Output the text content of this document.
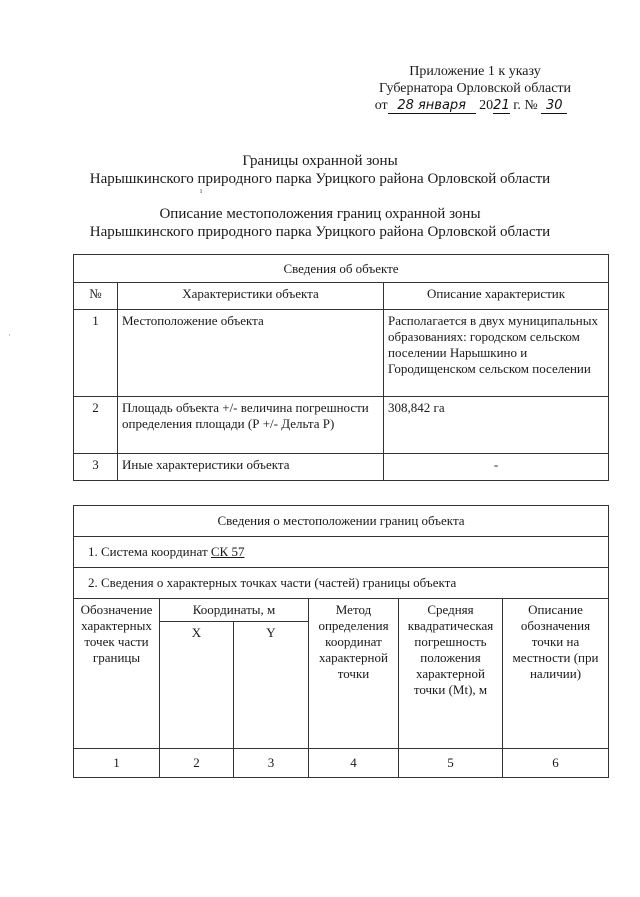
Приложение 1 к указу
Губернатора Орловской области
от 28 января 2021 г. № 30
Границы охранной зоны
Нарышкинского природного парка Урицкого района Орловской области
ı
·
Описание местоположения границ охранной зоны
Нарышкинского природного парка Урицкого района Орловской области
Сведения об объекте		
№	Характеристики объекта	Описание характеристик
1	Местоположение объекта	Располагается в двух муниципальных образованиях: городском сельском поселении Нарышкино и Городищенском сельском поселении
2	Площадь объекта +/- величина погрешности определения площади (Р +/- Дельта Р)	308,842 га
3	Иные характеристики объекта	-
Сведения о местоположении границ объекта					
1. Система координат СК 57					
2. Сведения о характерных точках части (частей) границы объекта					
Обозначение характерных точек части границы	Координаты, м		Метод определения координат характерной точки	Средняя квадратическая погрешность положения характерной точки (Mt), м	Описание обозначения точки на местности (при наличии)
	X	Y			
1	2	3	4	5	6
